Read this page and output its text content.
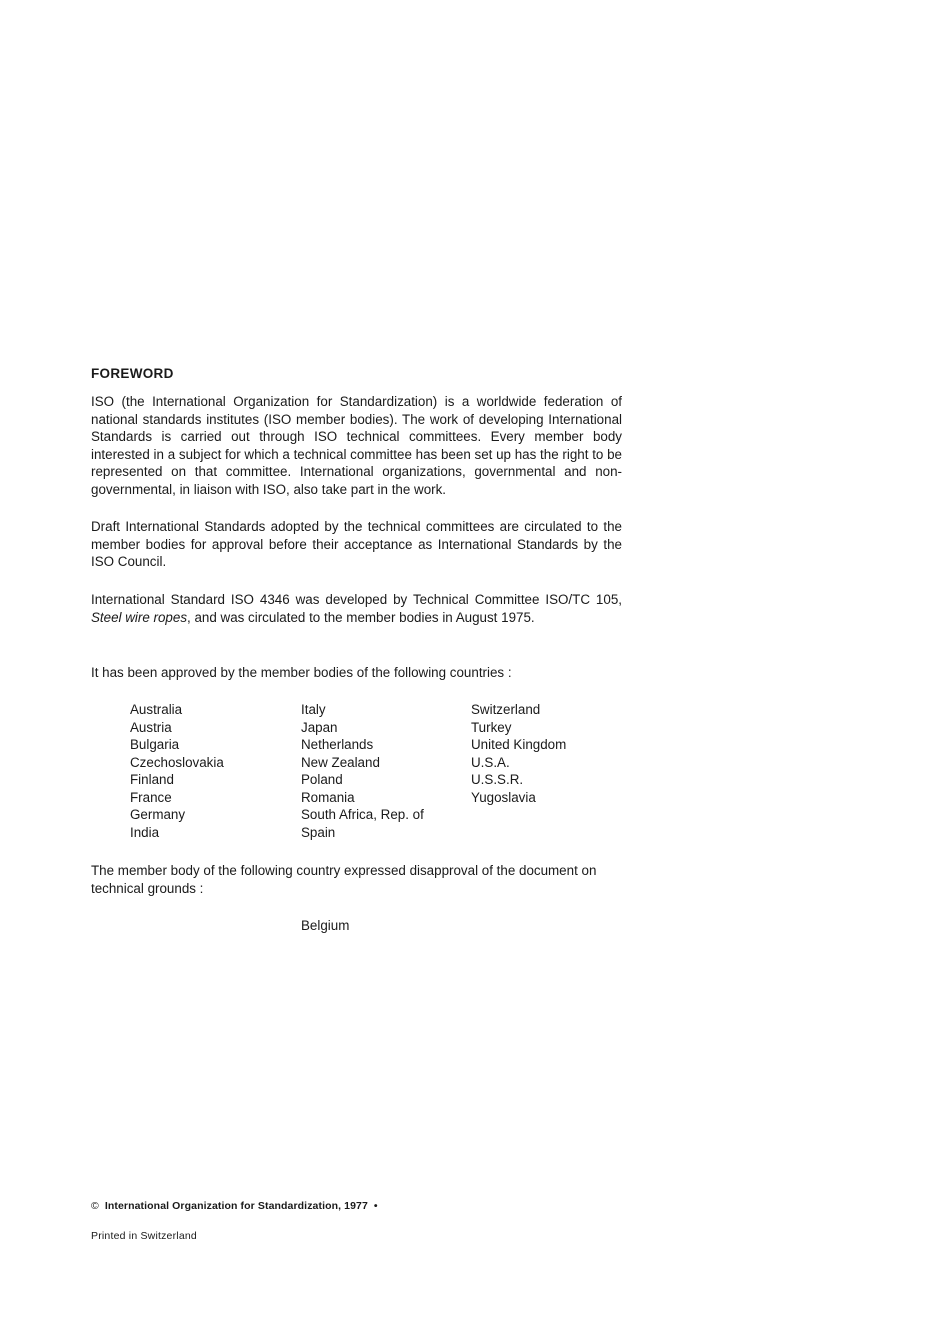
FOREWORD

ISO (the International Organization for Standardization) is a worldwide federation of national standards institutes (ISO member bodies). The work of developing International Standards is carried out through ISO technical committees. Every member body interested in a subject for which a technical committee has been set up has the right to be represented on that committee. International organizations, governmental and non-governmental, in liaison with ISO, also take part in the work.

Draft International Standards adopted by the technical committees are circulated to the member bodies for approval before their acceptance as International Standards by the ISO Council.

International Standard ISO 4346 was developed by Technical Committee ISO/TC 105, Steel wire ropes, and was circulated to the member bodies in August 1975.

It has been approved by the member bodies of the following countries :

Australia
Austria
Bulgaria
Czechoslovakia
Finland
France
Germany
India
Italy
Japan
Netherlands
New Zealand
Poland
Romania
South Africa, Rep. of
Spain
Switzerland
Turkey
United Kingdom
U.S.A.
U.S.S.R.
Yugoslavia

The member body of the following country expressed disapproval of the document on technical grounds :

Belgium
© International Organization for Standardization, 1977 •
Printed in Switzerland
